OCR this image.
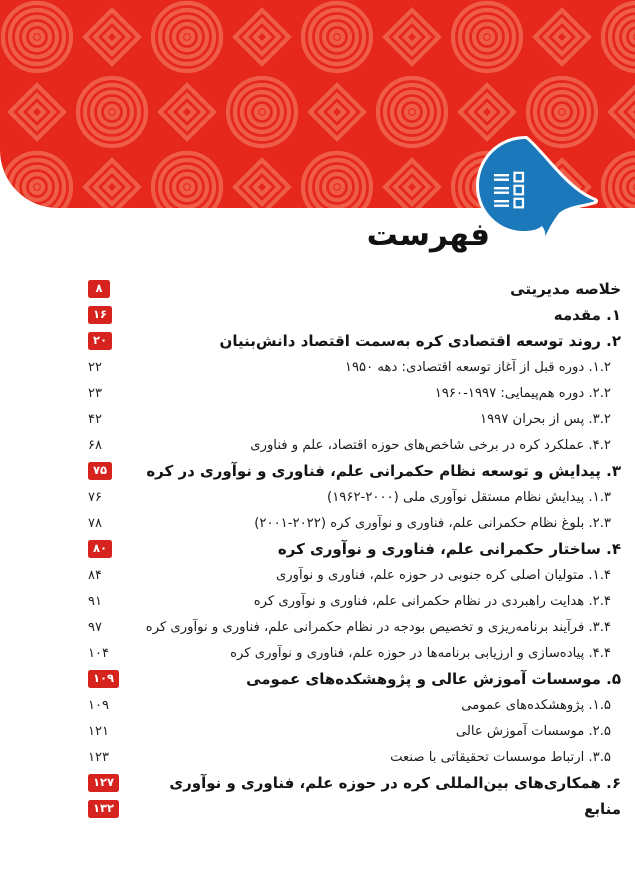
فهرست
خلاصه مدیریتی
۸
۱. مقدمه
۱۶
۲. روند توسعه اقتصادی کره به‌سمت اقتصاد دانش‌بنیان
۲۰
۱.۲. دوره قبل از آغاز توسعه اقتصادی: دهه ۱۹۵۰
۲۲
۲.۲. دوره هم‌پیمایی: ۱۹۹۷-۱۹۶۰
۲۳
۳.۲. پس از بحران ۱۹۹۷
۴۲
۴.۲. عملکرد کره در برخی شاخص‌های حوزه اقتصاد، علم و فناوری
۶۸
۳. پیدایش و توسعه نظام حکمرانی علم، فناوری و نوآوری در کره
۷۵
۱.۳. پیدایش نظام مستقل نوآوری ملی (۲۰۰۰-۱۹۶۲)
۷۶
۲.۳. بلوغ نظام حکمرانی علم، فناوری و نوآوری کره (۲۰۲۲-۲۰۰۱)
۷۸
۴. ساختار حکمرانی علم، فناوری و نوآوری کره
۸۰
۱.۴. متولیان اصلی کره جنوبی در حوزه علم، فناوری و نوآوری
۸۴
۲.۴. هدایت راهبردی در نظام حکمرانی علم، فناوری و نوآوری کره
۹۱
۳.۴. فرآیند برنامه‌ریزی و تخصیص بودجه در نظام حکمرانی علم، فناوری و نوآوری کره
۹۷
۴.۴. پیاده‌سازی و ارزیابی برنامه‌ها در حوزه علم، فناوری و نوآوری کره
۱۰۴
۵. موسسات آموزش عالی و پژوهشکده‌های عمومی
۱۰۹
۱.۵. پژوهشکده‌های عمومی
۱۰۹
۲.۵. موسسات آموزش عالی
۱۲۱
۳.۵. ارتباط موسسات تحقیقاتی با صنعت
۱۲۳
۶. همکاری‌های بین‌المللی کره در حوزه علم، فناوری و نوآوری
۱۲۷
منابع
۱۳۲
